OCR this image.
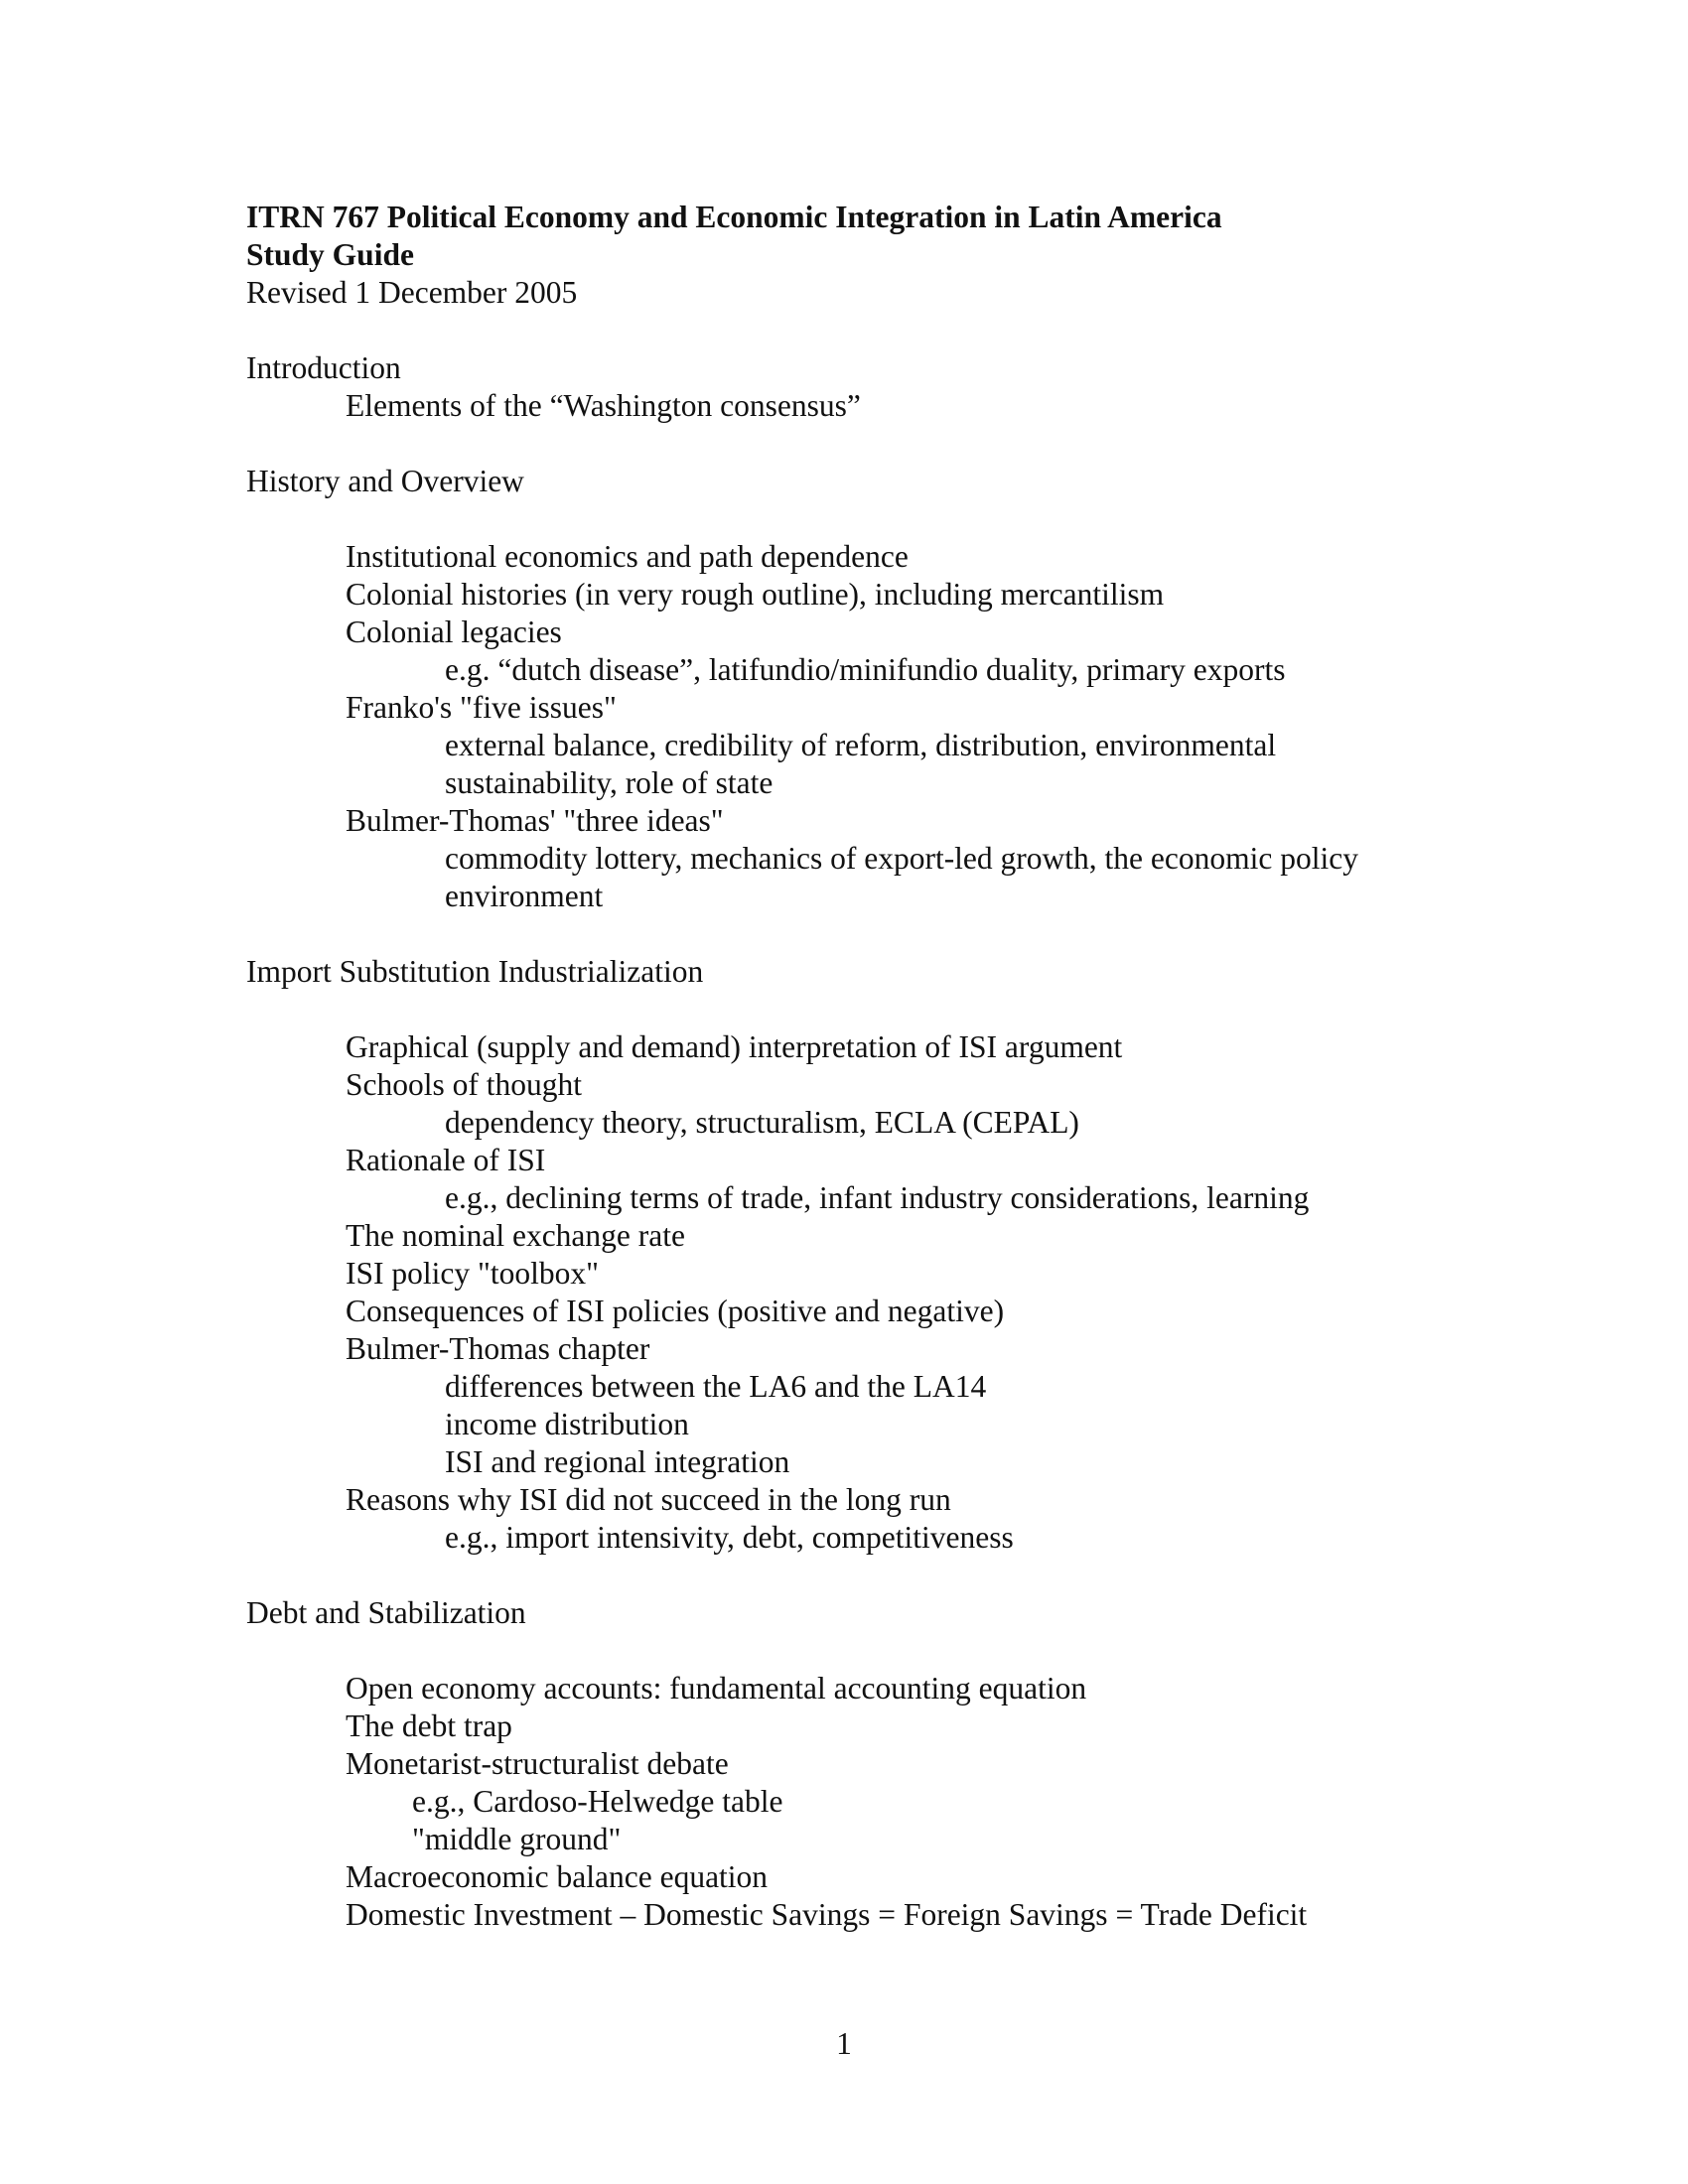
ITRN 767 Political Economy and Economic Integration in Latin America
Study Guide
Revised 1 December 2005
Introduction
Elements of the “Washington consensus”
History and Overview
Institutional economics and path dependence
Colonial histories (in very rough outline), including mercantilism
Colonial legacies
e.g. “dutch disease”, latifundio/minifundio duality, primary exports
Franko's "five issues"
external balance, credibility of reform, distribution, environmental
sustainability, role of state
Bulmer-Thomas' "three ideas"
commodity lottery, mechanics of export-led growth, the economic policy
environment
Import Substitution Industrialization
Graphical (supply and demand) interpretation of ISI argument
Schools of thought
dependency theory, structuralism, ECLA (CEPAL)
Rationale of ISI
e.g., declining terms of trade, infant industry considerations, learning
The nominal exchange rate
ISI policy "toolbox"
Consequences of ISI policies (positive and negative)
Bulmer-Thomas chapter
differences between the LA6 and the LA14
income distribution
ISI and regional integration
Reasons why ISI did not succeed in the long run
e.g., import intensivity, debt, competitiveness
Debt and Stabilization
Open economy accounts: fundamental accounting equation
The debt trap
Monetarist-structuralist debate
e.g., Cardoso-Helwedge table
"middle ground"
Macroeconomic balance equation
Domestic Investment – Domestic Savings = Foreign Savings = Trade Deficit
1
